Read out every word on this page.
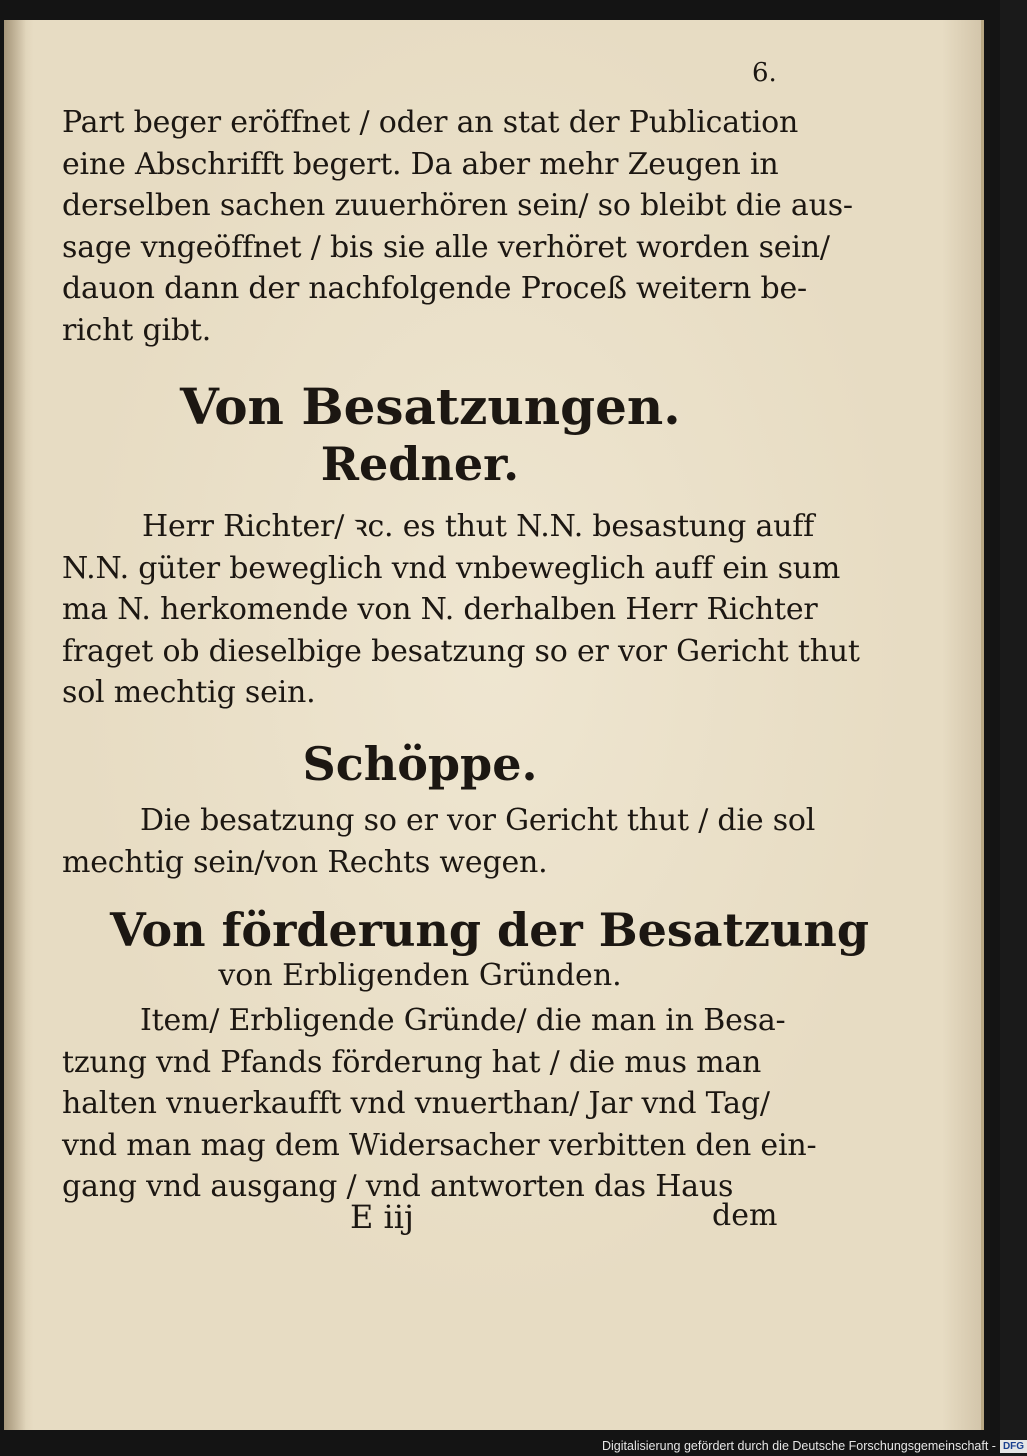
6.

Part beger eröffnet / oder an stat der Publication

eine Abschrifft begert. Da aber mehr Zeugen in

derselben sachen zuuerhören sein/ so bleibt die aus-

sage vngeöffnet / bis sie alle verhöret worden sein/

dauon dann der nachfolgende Proceß weitern be-

richt gibt.

Von Besatzungen.
Redner.

Herr Richter/ ꝛc. es thut N.N. besastung auff

N.N. güter beweglich vnd vnbeweglich auff ein sum

ma N. herkomende von N. derhalben Herr Richter

fraget ob dieselbige besatzung so er vor Gericht thut

sol mechtig sein.

Schöppe.

Die besatzung so er vor Gericht thut / die sol

mechtig sein/von Rechts wegen.

Von förderung der Besatzung
von Erbligenden Gründen.

Item/ Erbligende Gründe/ die man in Besa-

tzung vnd Pfands förderung hat / die mus man

halten vnuerkaufft vnd vnuerthan/ Jar vnd Tag/

vnd man mag dem Widersacher verbitten den ein-

gang vnd ausgang / vnd antworten das Haus

E iij	dem
Digitalisierung gefördert durch die Deutsche Forschungsgemeinschaft - DFG
